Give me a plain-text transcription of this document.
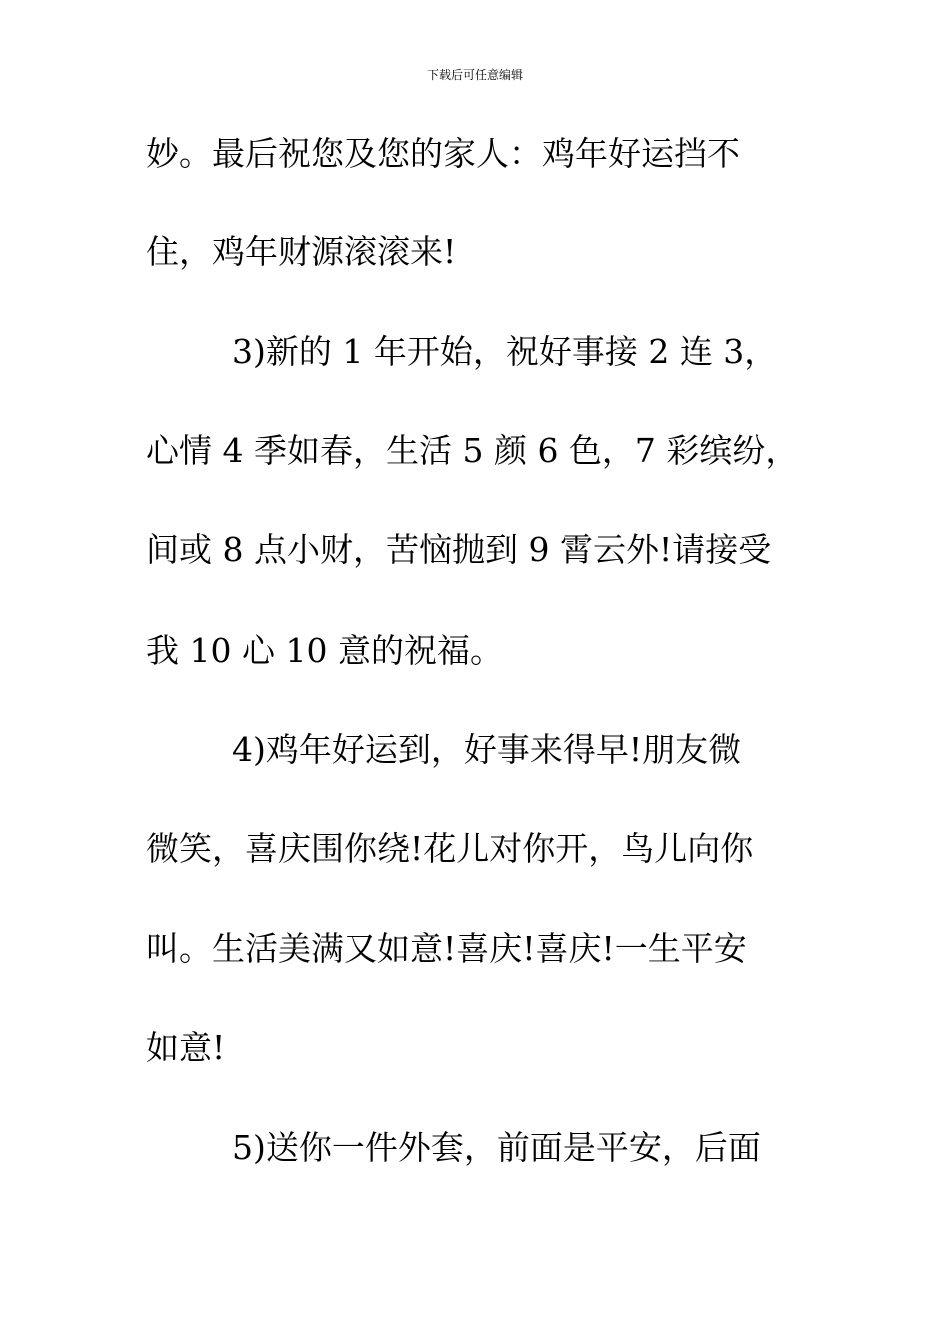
下载后可任意编辑
妙。最后祝您及您的家人：鸡年好运挡不
住，鸡年财源滚滚来!
3)新的 1 年开始，祝好事接 2 连 3，
心情 4 季如春，生活 5 颜 6 色，7 彩缤纷，
间或 8 点小财，苦恼抛到 9 霄云外!请接受
我 10 心 10 意的祝福。
4)鸡年好运到，好事来得早!朋友微
微笑，喜庆围你绕!花儿对你开，鸟儿向你
叫。生活美满又如意!喜庆!喜庆!一生平安
如意!
5)送你一件外套，前面是平安，后面
